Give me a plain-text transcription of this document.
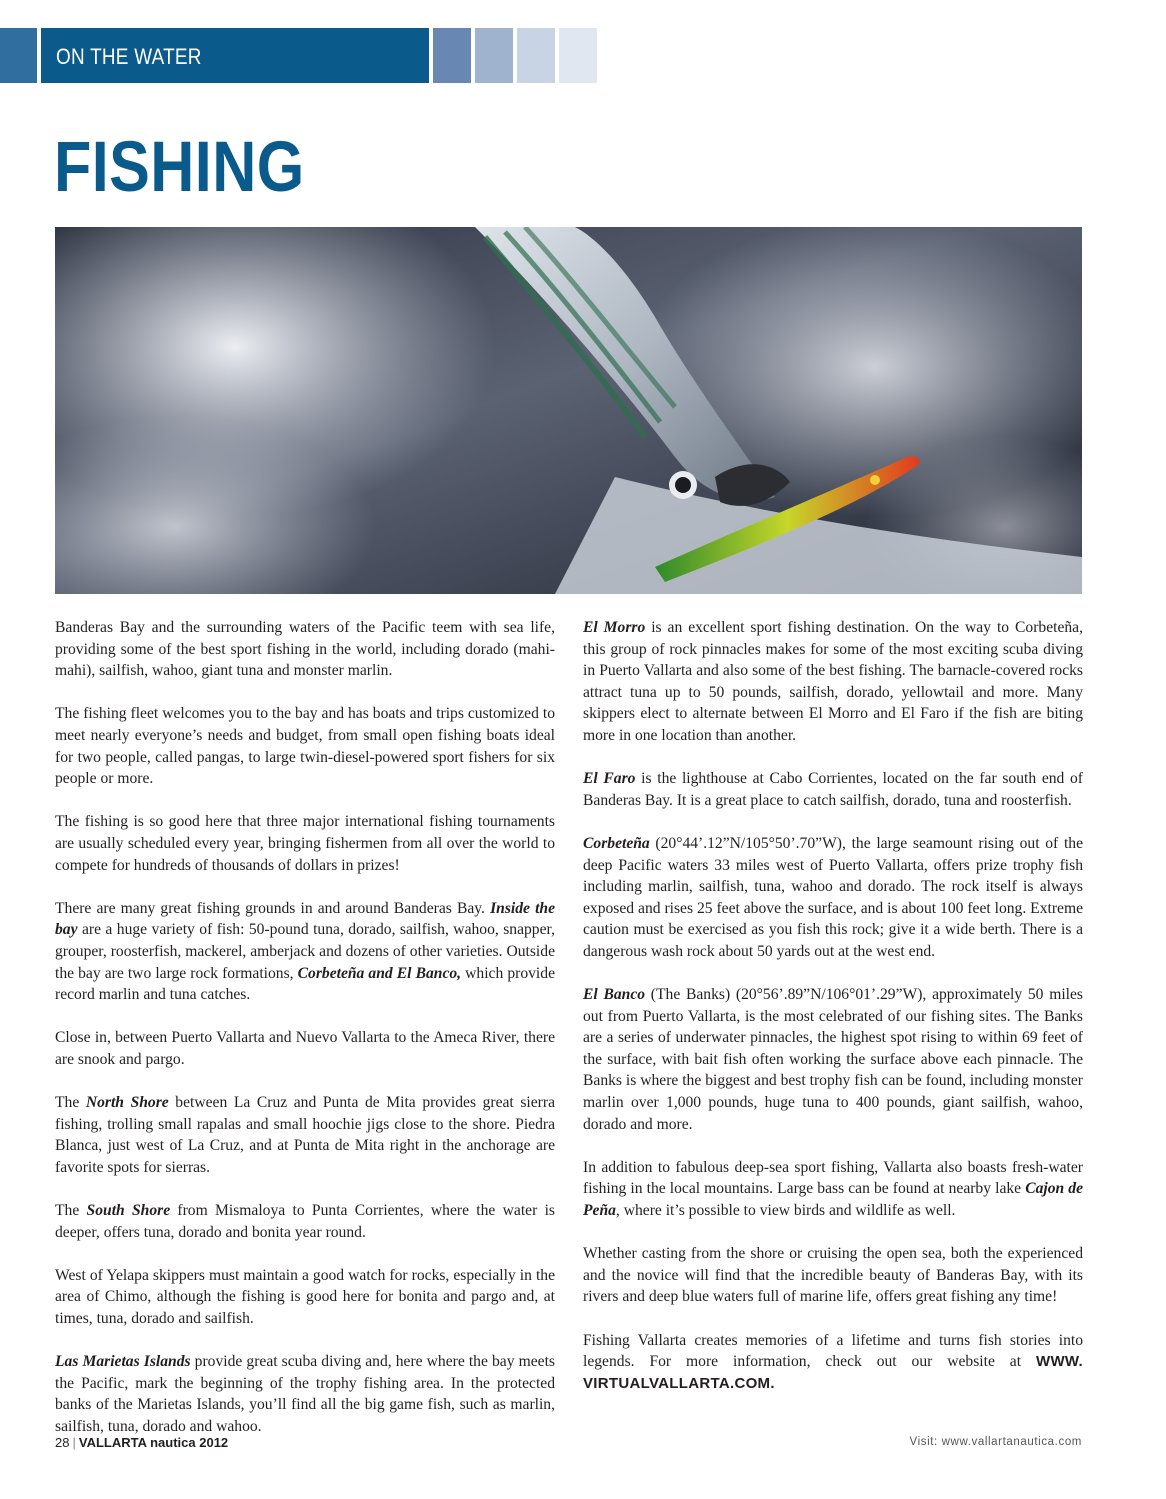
ON THE WATER
FISHING

Banderas Bay and the surrounding waters of the Pacific teem with sea life, providing some of the best sport fishing in the world, including dorado (mahi-mahi), sailfish, wahoo, giant tuna and monster marlin.

The fishing fleet welcomes you to the bay and has boats and trips customized to meet nearly everyone’s needs and budget, from small open fishing boats ideal for two people, called pangas, to large twin-diesel-powered sport fishers for six people or more.

The fishing is so good here that three major international fishing tournaments are usually scheduled every year, bringing fishermen from all over the world to compete for hundreds of thousands of dollars in prizes!

There are many great fishing grounds in and around Banderas Bay. Inside the bay are a huge variety of fish: 50-pound tuna, dorado, sailfish, wahoo, snapper, grouper, roosterfish, mackerel, amberjack and dozens of other varieties. Outside the bay are two large rock formations, Corbeteña and El Banco, which provide record marlin and tuna catches.

Close in, between Puerto Vallarta and Nuevo Vallarta to the Ameca River, there are snook and pargo.

The North Shore between La Cruz and Punta de Mita provides great sierra fishing, trolling small rapalas and small hoochie jigs close to the shore. Piedra Blanca, just west of La Cruz, and at Punta de Mita right in the anchorage are favorite spots for sierras.

The South Shore from Mismaloya to Punta Corrientes, where the water is deeper, offers tuna, dorado and bonita year round.

West of Yelapa skippers must maintain a good watch for rocks, especially in the area of Chimo, although the fishing is good here for bonita and pargo and, at times, tuna, dorado and sailfish.

Las Marietas Islands provide great scuba diving and, here where the bay meets the Pacific, mark the beginning of the trophy fishing area. In the protected banks of the Marietas Islands, you’ll find all the big game fish, such as marlin, sailfish, tuna, dorado and wahoo.

El Morro is an excellent sport fishing destination. On the way to Corbeteña, this group of rock pinnacles makes for some of the most exciting scuba diving in Puerto Vallarta and also some of the best fishing. The barnacle-covered rocks attract tuna up to 50 pounds, sailfish, dorado, yellowtail and more. Many skippers elect to alternate between El Morro and El Faro if the fish are biting more in one location than another.

El Faro is the lighthouse at Cabo Corrientes, located on the far south end of Banderas Bay. It is a great place to catch sailfish, dorado, tuna and roosterfish.

Corbeteña (20°44’.12”N/105°50’.70”W), the large seamount rising out of the deep Pacific waters 33 miles west of Puerto Vallarta, offers prize trophy fish including marlin, sailfish, tuna, wahoo and dorado. The rock itself is always exposed and rises 25 feet above the surface, and is about 100 feet long. Extreme caution must be exercised as you fish this rock; give it a wide berth. There is a dangerous wash rock about 50 yards out at the west end.

El Banco (The Banks) (20°56’.89”N/106°01’.29”W), approximately 50 miles out from Puerto Vallarta, is the most celebrated of our fishing sites. The Banks are a series of underwater pinnacles, the highest spot rising to within 69 feet of the surface, with bait fish often working the surface above each pinnacle. The Banks is where the biggest and best trophy fish can be found, including monster marlin over 1,000 pounds, huge tuna to 400 pounds, giant sailfish, wahoo, dorado and more.

In addition to fabulous deep-sea sport fishing, Vallarta also boasts fresh-water fishing in the local mountains. Large bass can be found at nearby lake Cajon de Peña, where it’s possible to view birds and wildlife as well.

Whether casting from the shore or cruising the open sea, both the experienced and the novice will find that the incredible beauty of Banderas Bay, with its rivers and deep blue waters full of marine life, offers great fishing any time!

Fishing Vallarta creates memories of a lifetime and turns fish stories into legends. For more information, check out our website at WWW. VIRTUALVALLARTA.COM.

28 | VALLARTA nautica 2012	Visit: www.vallartanautica.com
